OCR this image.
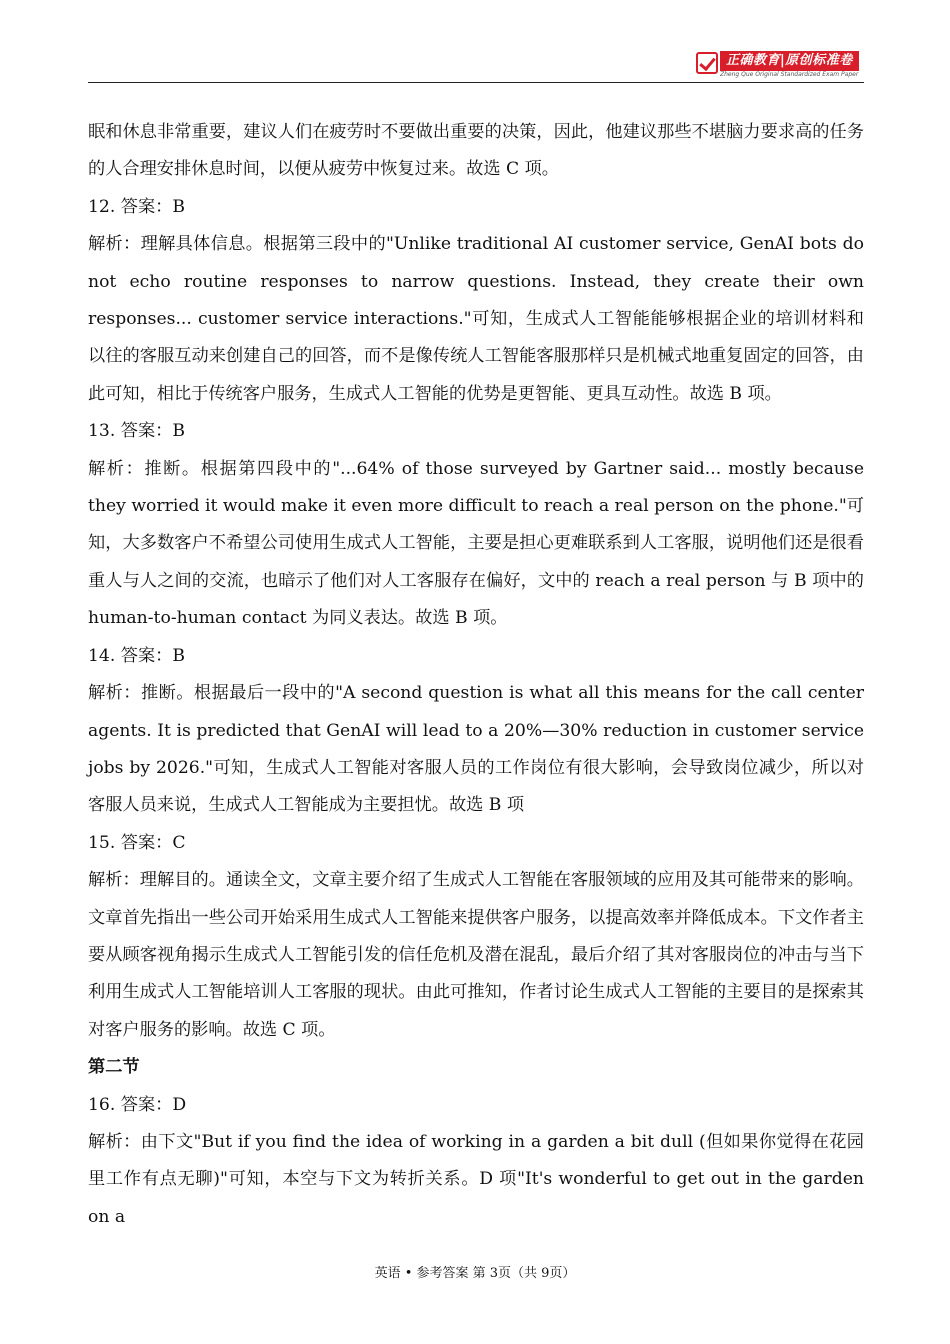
正确教育|原创标准卷
Zheng Que Original Standardized Exam Paper

眠和休息非常重要，建议人们在疲劳时不要做出重要的决策，因此，他建议那些不堪脑力要求高的任务的人合理安排休息时间，以便从疲劳中恢复过来。故选 C 项。

12. 答案：B

解析：理解具体信息。根据第三段中的"Unlike traditional AI customer service, GenAI bots do not echo routine responses to narrow questions. Instead, they create their own responses... customer service interactions."可知，生成式人工智能能够根据企业的培训材料和以往的客服互动来创建自己的回答，而不是像传统人工智能客服那样只是机械式地重复固定的回答，由此可知，相比于传统客户服务，生成式人工智能的优势是更智能、更具互动性。故选 B 项。

13. 答案：B

解析：推断。根据第四段中的"...64% of those surveyed by Gartner said... mostly because they worried it would make it even more difficult to reach a real person on the phone."可知，大多数客户不希望公司使用生成式人工智能，主要是担心更难联系到人工客服，说明他们还是很看重人与人之间的交流，也暗示了他们对人工客服存在偏好，文中的 reach a real person 与 B 项中的 human-to-human contact 为同义表达。故选 B 项。

14. 答案：B

解析：推断。根据最后一段中的"A second question is what all this means for the call center agents. It is predicted that GenAI will lead to a 20%—30% reduction in customer service jobs by 2026."可知，生成式人工智能对客服人员的工作岗位有很大影响，会导致岗位减少，所以对客服人员来说，生成式人工智能成为主要担忧。故选 B 项

15. 答案：C

解析：理解目的。通读全文，文章主要介绍了生成式人工智能在客服领域的应用及其可能带来的影响。文章首先指出一些公司开始采用生成式人工智能来提供客户服务，以提高效率并降低成本。下文作者主要从顾客视角揭示生成式人工智能引发的信任危机及潜在混乱，最后介绍了其对客服岗位的冲击与当下利用生成式人工智能培训人工客服的现状。由此可推知，作者讨论生成式人工智能的主要目的是探索其对客户服务的影响。故选 C 项。

第二节

16. 答案：D

解析：由下文"But if you find the idea of working in a garden a bit dull (但如果你觉得在花园里工作有点无聊)"可知，本空与下文为转折关系。D 项"It's wonderful to get out in the garden on a

英语 • 参考答案 第 3页（共 9页）
